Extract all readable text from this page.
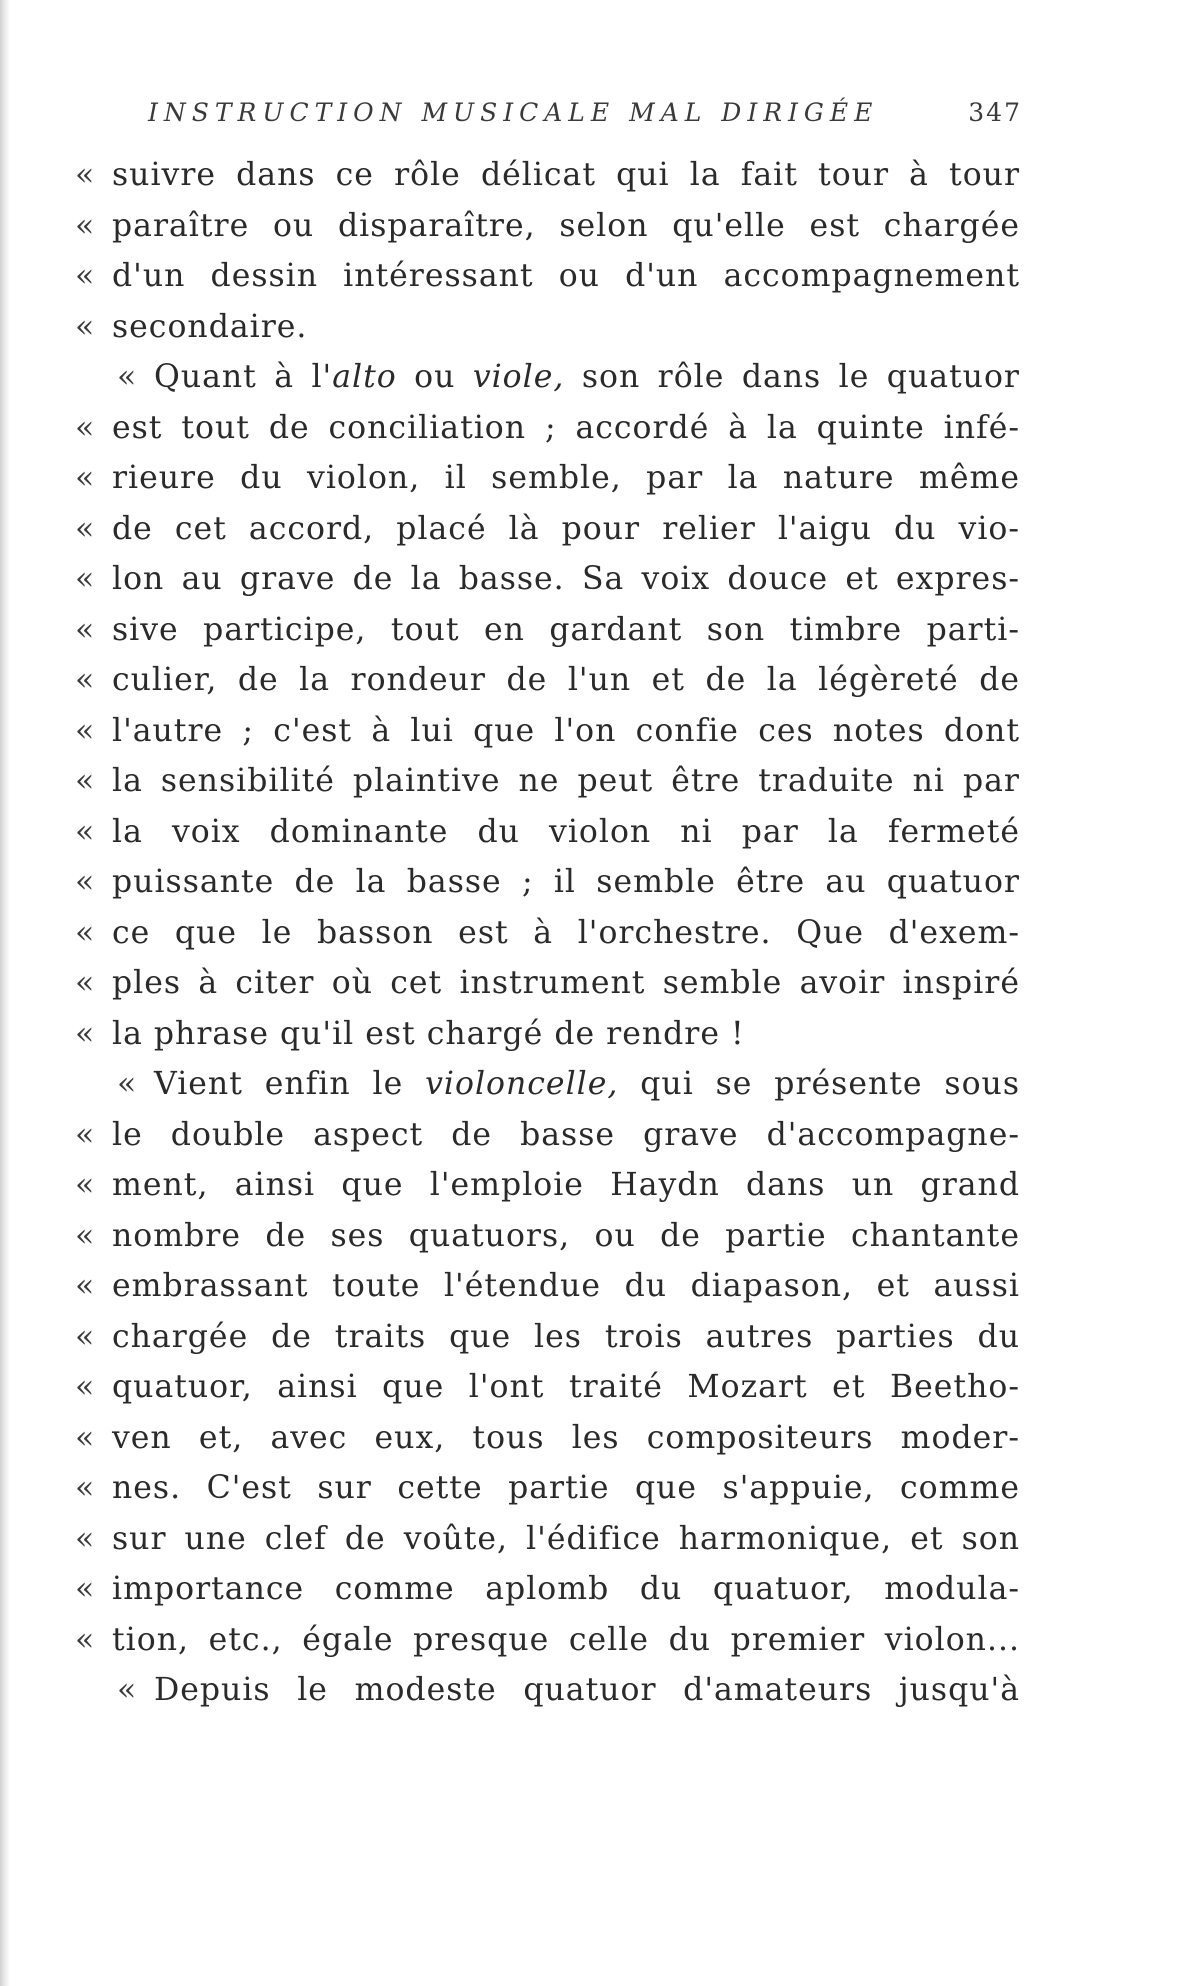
INSTRUCTION MUSICALE MAL DIRIGÉE	347
« suivre dans ce rôle délicat qui la fait tour à tour
« paraître ou disparaître, selon qu'elle est chargée
« d'un dessin intéressant ou d'un accompagnement
« secondaire.
« Quant à l'alto ou viole, son rôle dans le quatuor
« est tout de conciliation ; accordé à la quinte infé-
« rieure du violon, il semble, par la nature même
« de cet accord, placé là pour relier l'aigu du vio-
« lon au grave de la basse. Sa voix douce et expres-
« sive participe, tout en gardant son timbre parti-
« culier, de la rondeur de l'un et de la légèreté de
« l'autre ; c'est à lui que l'on confie ces notes dont
« la sensibilité plaintive ne peut être traduite ni par
« la voix dominante du violon ni par la fermeté
« puissante de la basse ; il semble être au quatuor
« ce que le basson est à l'orchestre. Que d'exem-
« ples à citer où cet instrument semble avoir inspiré
« la phrase qu'il est chargé de rendre !
« Vient enfin le violoncelle, qui se présente sous
« le double aspect de basse grave d'accompagne-
« ment, ainsi que l'emploie Haydn dans un grand
« nombre de ses quatuors, ou de partie chantante
« embrassant toute l'étendue du diapason, et aussi
« chargée de traits que les trois autres parties du
« quatuor, ainsi que l'ont traité Mozart et Beetho-
« ven et, avec eux, tous les compositeurs moder-
« nes. C'est sur cette partie que s'appuie, comme
« sur une clef de voûte, l'édifice harmonique, et son
« importance comme aplomb du quatuor, modula-
« tion, etc., égale presque celle du premier violon...
« Depuis le modeste quatuor d'amateurs jusqu'à
